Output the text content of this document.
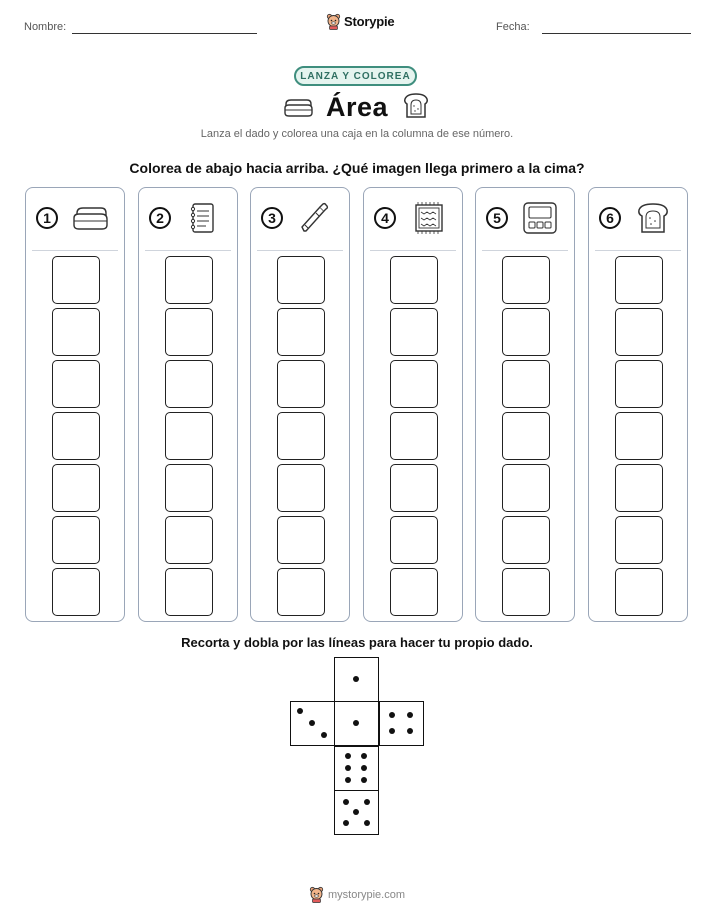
Nombre:	Storypie	Fecha:
LANZA Y COLOREA
Área
Lanza el dado y colorea una caja en la columna de ese número.
Colorea de abajo hacia arriba. ¿Qué imagen llega primero a la cima?
1	2	3	4	5	6
Recorta y dobla por las líneas para hacer tu propio dado.
mystorypie.com
